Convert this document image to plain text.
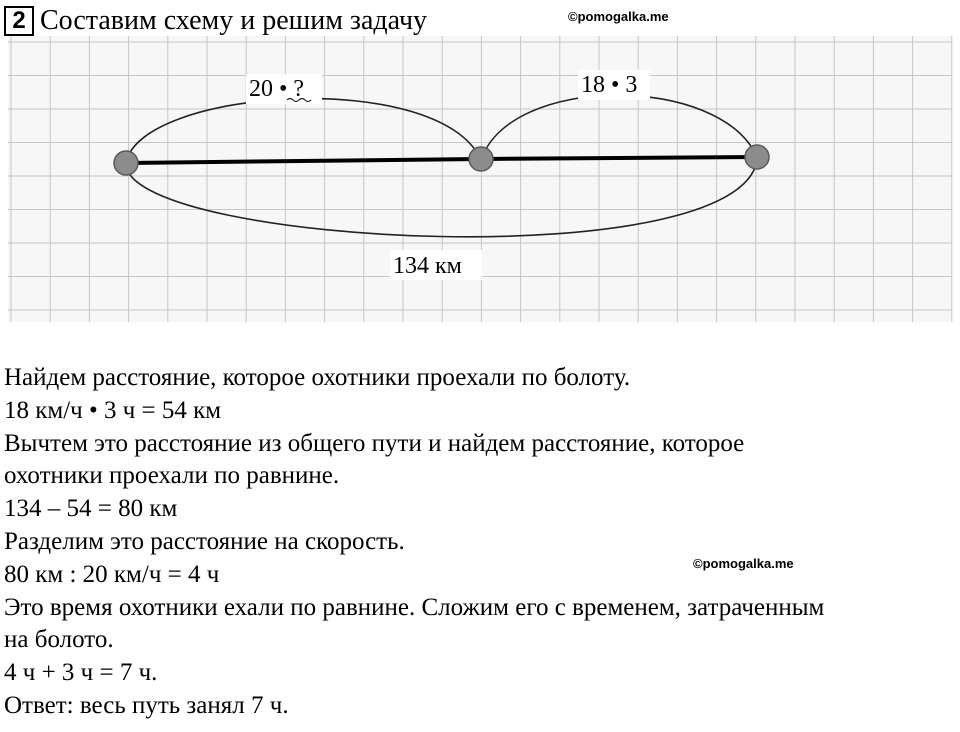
2 Составим схему и решим задачу	©pomogalka.me
20 • ?	18 • 3
134 км
Найдем расстояние, которое охотники проехали по болоту.
18 км/ч • 3 ч = 54 км
Вычтем это расстояние из общего пути и найдем расстояние, которое
охотники проехали по равнине.
134 – 54 = 80 км
Разделим это расстояние на скорость.
80 км : 20 км/ч = 4 ч
Это время охотники ехали по равнине. Сложим его с временем, затраченным
на болото.
4 ч + 3 ч = 7 ч.
Ответ: весь путь занял 7 ч.
©pomogalka.me
